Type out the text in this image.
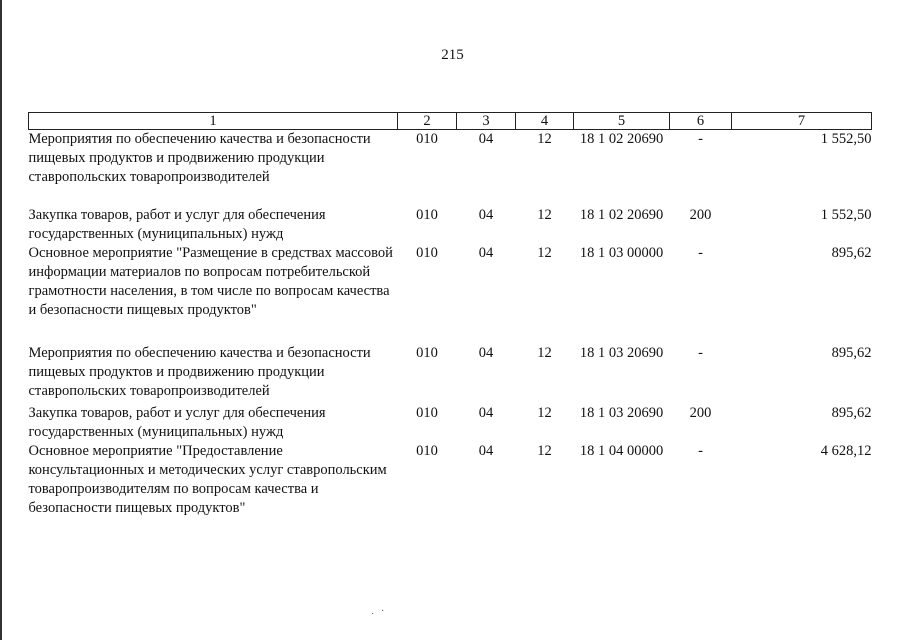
215
1	2	3	4	5	6	7
Мероприятия по обеспечению качества и безопасности пищевых продуктов и продвижению продукции ставропольских товаропроизводителей	010	04	12	18 1 02 20690	-	1 552,50
Закупка товаров, работ и услуг для обеспечения государственных (муниципальных) нужд	010	04	12	18 1 02 20690	200	1 552,50
Основное мероприятие "Размещение в средствах массовой информации материалов по вопросам потребительской грамотности населения, в том числе по вопросам качества и безопасности пищевых продуктов"	010	04	12	18 1 03 00000	-	895,62
Мероприятия по обеспечению качества и безопасности пищевых продуктов и продвижению продукции ставропольских товаропроизводителей	010	04	12	18 1 03 20690	-	895,62
Закупка товаров, работ и услуг для обеспечения государственных (муниципальных) нужд	010	04	12	18 1 03 20690	200	895,62
Основное мероприятие "Предоставление консультационных и методических услуг ставропольским товаропроизводителям по вопросам качества и безопасности пищевых продуктов"	010	04	12	18 1 04 00000	-	4 628,12
˙
·
